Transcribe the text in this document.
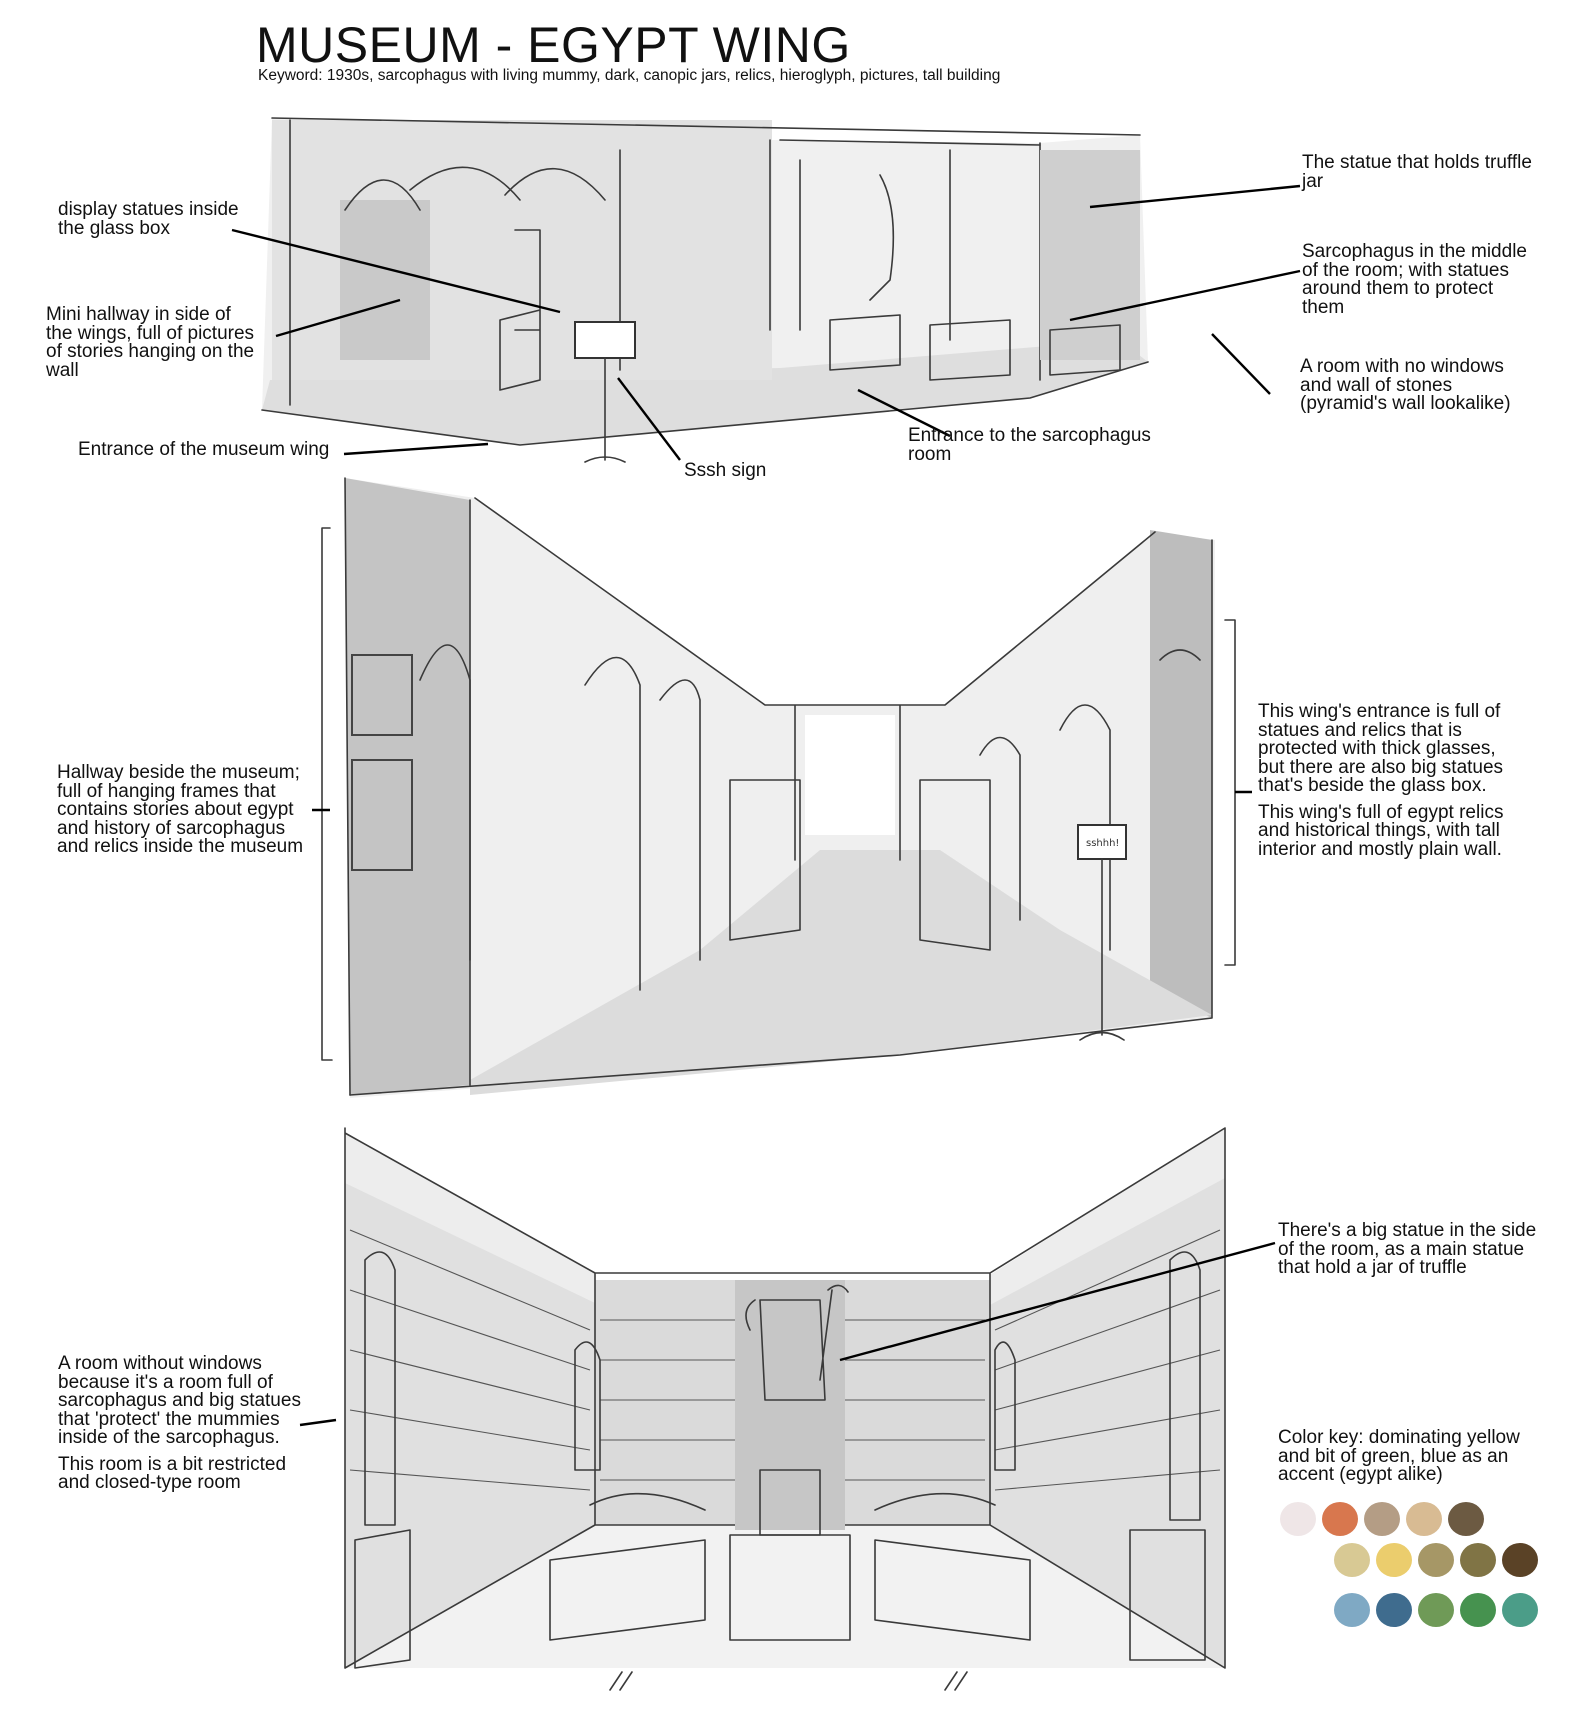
MUSEUM - EGYPT WING
Keyword: 1930s, sarcophagus with living mummy, dark, canopic jars, relics, hieroglyph, pictures, tall building
sshhh!

display statues inside
the glass box

Mini hallway in side of
the wings, full of pictures
of stories hanging on the
wall

Entrance of the museum wing

Sssh sign

Entrance to the sarcophagus
room

The statue that holds truffle
jar

Sarcophagus in the middle
of the room; with statues
around them to protect
them

A room with no windows
and wall of stones
(pyramid's wall lookalike)

Hallway beside the museum;
full of hanging frames that
contains stories about egypt
and history of sarcophagus
and relics inside the museum

This wing's entrance is full of
statues and relics that is
protected with thick glasses,
but there are also big statues
that's beside the glass box.

This wing's full of egypt relics
and historical things, with tall
interior and mostly plain wall.

A room without windows
because it's a room full of
sarcophagus and big statues
that 'protect' the mummies
inside of the sarcophagus.

This room is a bit restricted
and closed-type room

There's a big statue in the side
of the room, as a main statue
that hold a jar of truffle

Color key: dominating yellow
and bit of green, blue as an
accent (egypt alike)
